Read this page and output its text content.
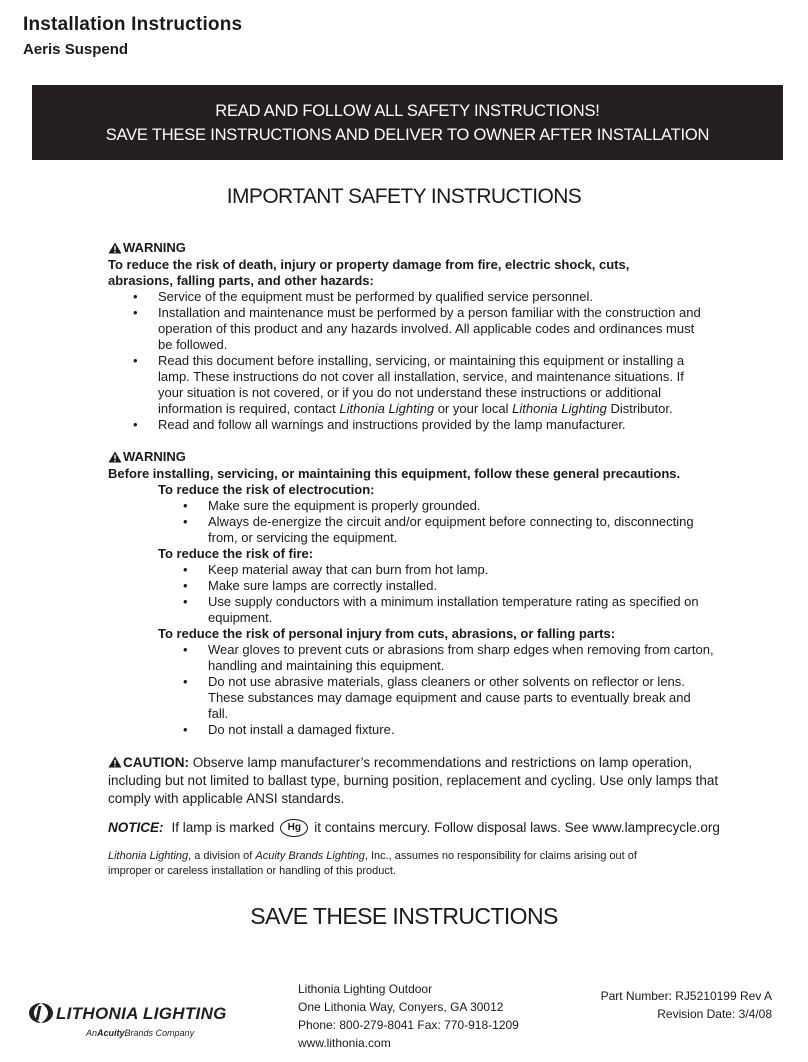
Installation Instructions
Aeris Suspend
READ AND FOLLOW ALL SAFETY INSTRUCTIONS!
SAVE THESE INSTRUCTIONS AND DELIVER TO OWNER AFTER INSTALLATION
IMPORTANT SAFETY INSTRUCTIONS
WARNING
To reduce the risk of death, injury or property damage from fire, electric shock, cuts,
abrasions, falling parts, and other hazards:
• Service of the equipment must be performed by qualified service personnel.
• Installation and maintenance must be performed by a person familiar with the construction and
operation of this product and any hazards involved. All applicable codes and ordinances must
be followed.
• Read this document before installing, servicing, or maintaining this equipment or installing a
lamp. These instructions do not cover all installation, service, and maintenance situations. If
your situation is not covered, or if you do not understand these instructions or additional
information is required, contact Lithonia Lighting or your local Lithonia Lighting Distributor.
• Read and follow all warnings and instructions provided by the lamp manufacturer.
WARNING
Before installing, servicing, or maintaining this equipment, follow these general precautions.
To reduce the risk of electrocution:
• Make sure the equipment is properly grounded.
• Always de-energize the circuit and/or equipment before connecting to, disconnecting
from, or servicing the equipment.
To reduce the risk of fire:
• Keep material away that can burn from hot lamp.
• Make sure lamps are correctly installed.
• Use supply conductors with a minimum installation temperature rating as specified on
equipment.
To reduce the risk of personal injury from cuts, abrasions, or falling parts:
• Wear gloves to prevent cuts or abrasions from sharp edges when removing from carton,
handling and maintaining this equipment.
• Do not use abrasive materials, glass cleaners or other solvents on reflector or lens.
These substances may damage equipment and cause parts to eventually break and
fall.
• Do not install a damaged fixture.
CAUTION: Observe lamp manufacturer’s recommendations and restrictions on lamp operation,
including but not limited to ballast type, burning position, replacement and cycling. Use only lamps that
comply with applicable ANSI standards.
NOTICE: If lamp is marked	Hg it contains mercury. Follow disposal laws. See www.lamprecycle.org
Lithonia Lighting, a division of Acuity Brands Lighting, Inc., assumes no responsibility for claims arising out of
improper or careless installation or handling of this product.
SAVE THESE INSTRUCTIONS
LITHONIA LIGHTING
AnAcuityBrands Company
Lithonia Lighting Outdoor
One Lithonia Way, Conyers, GA 30012
Phone: 800-279-8041 Fax: 770-918-1209
www.lithonia.com
Part Number: RJ5210199 Rev A
Revision Date: 3/4/08
